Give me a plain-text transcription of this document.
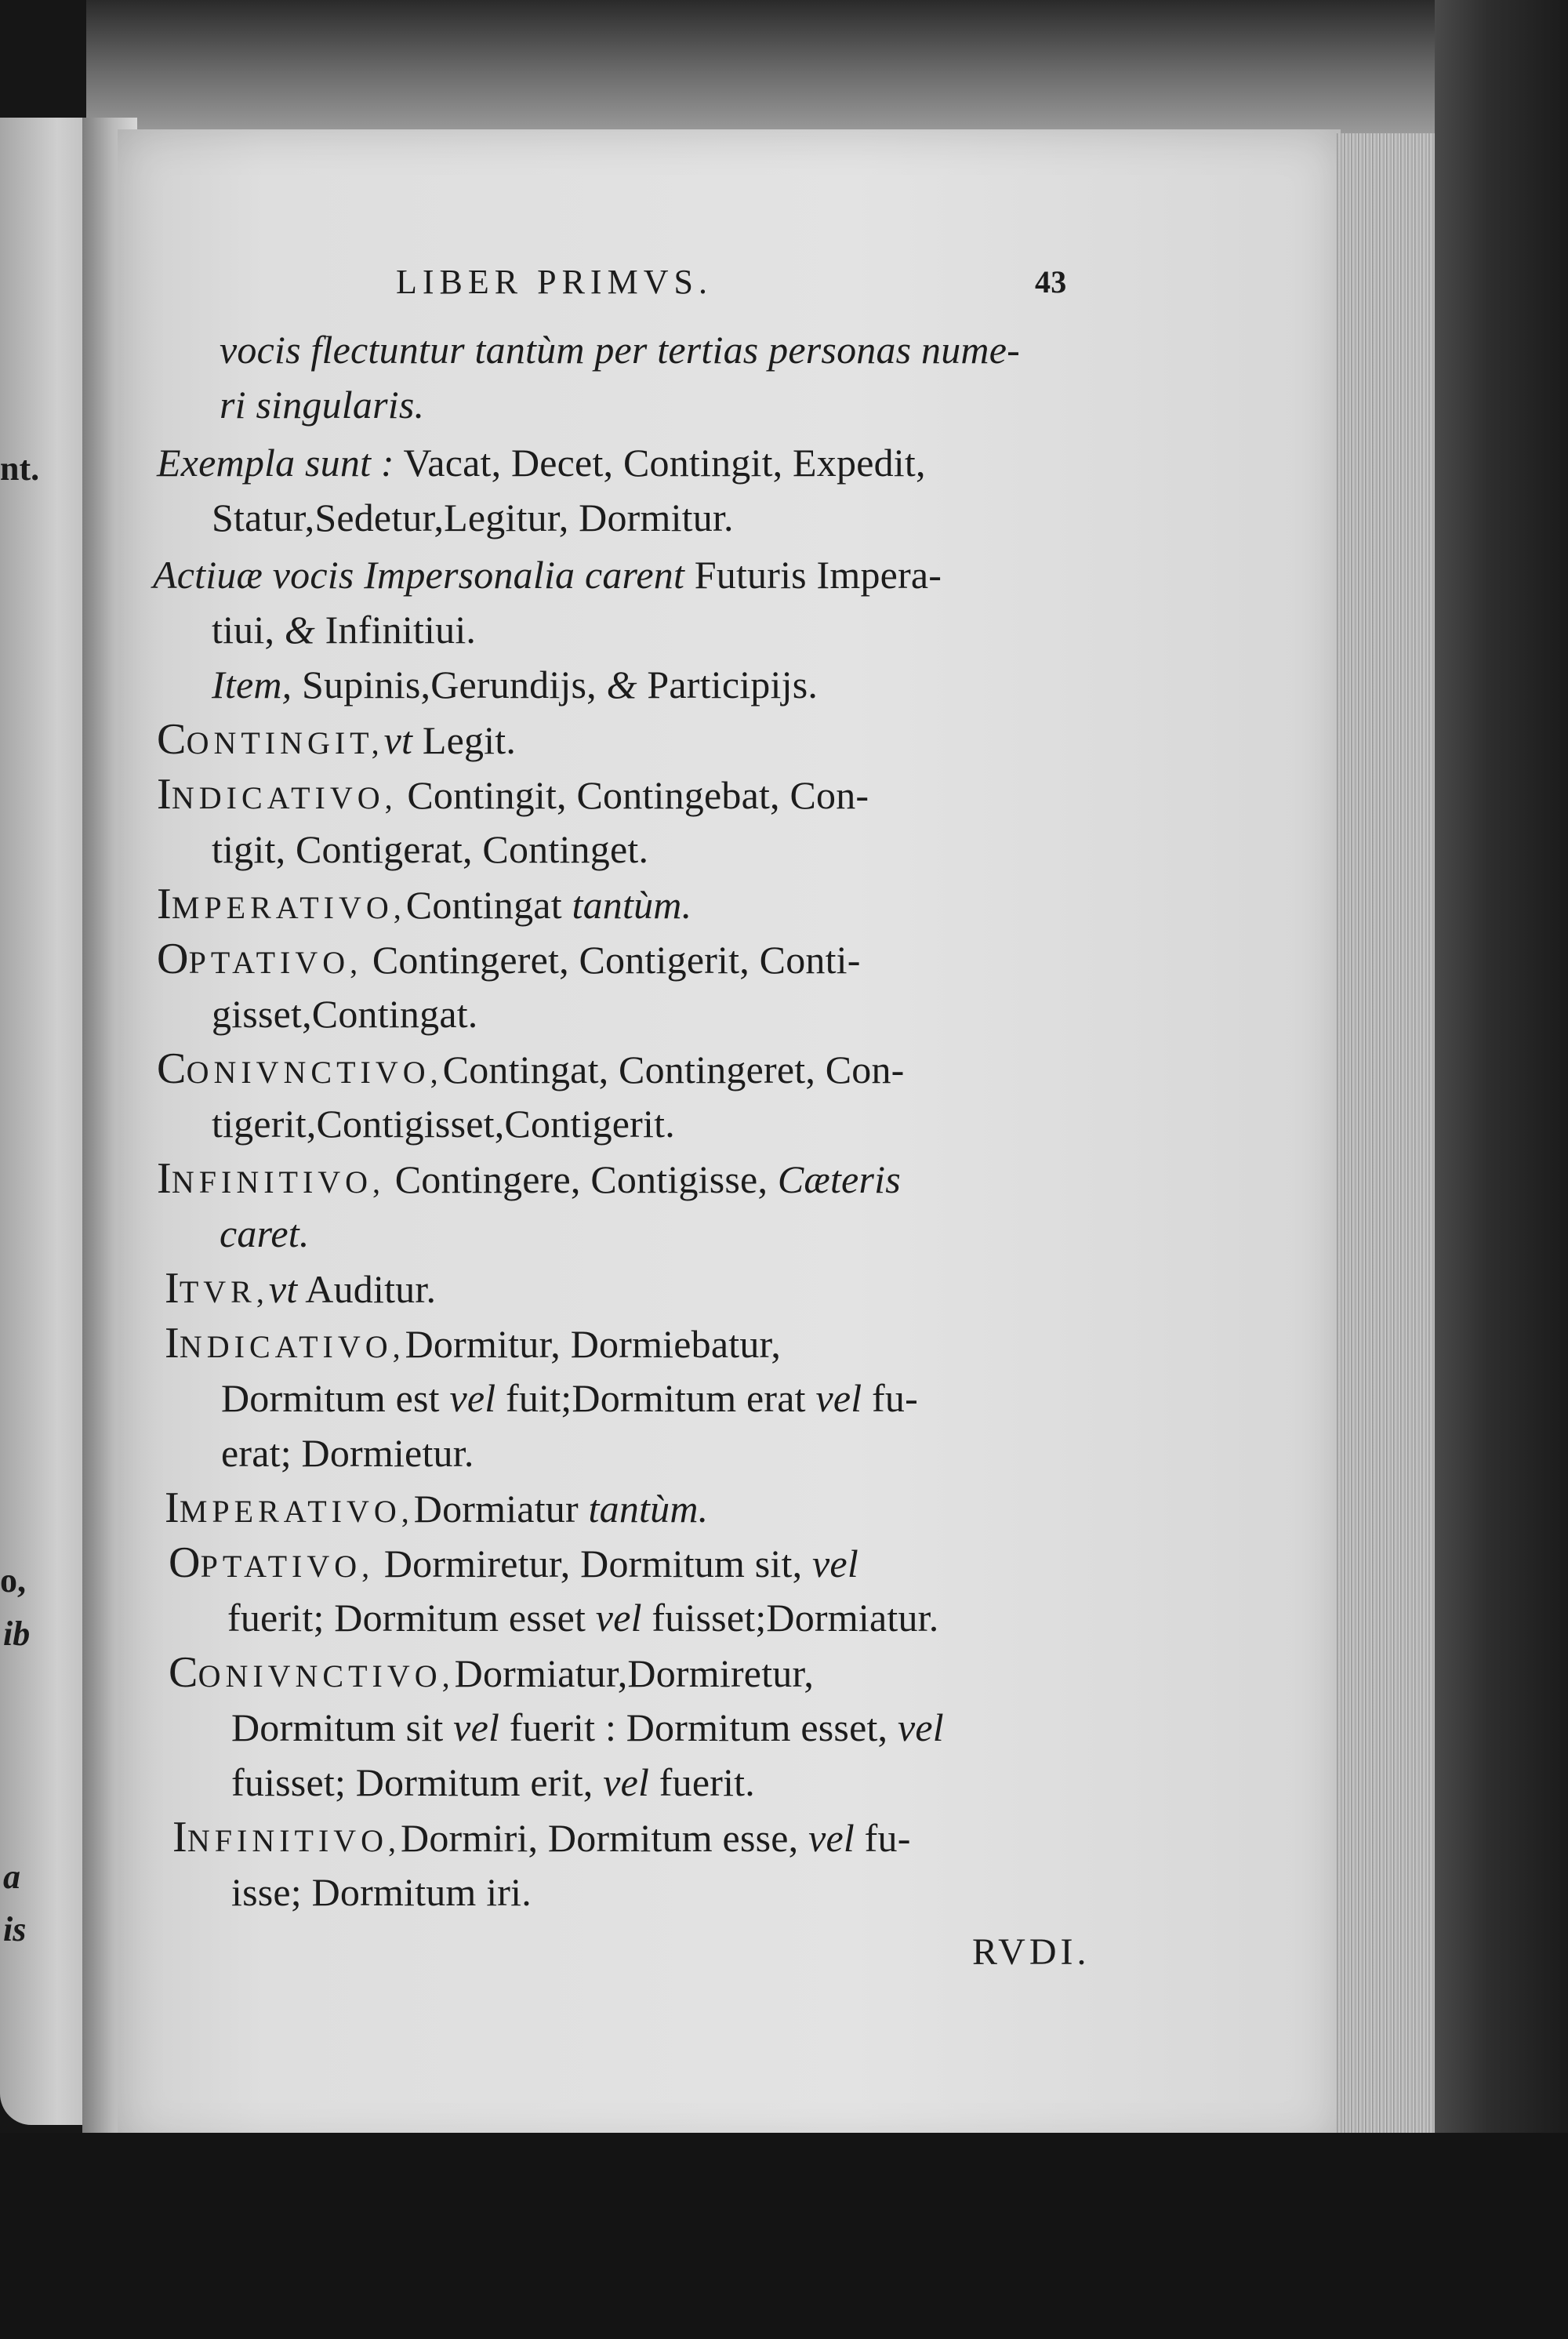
nt.
o,
ib
a
is
LIBER PRIMVS.	43
vocis flectuntur tantùm per tertias personas nume-
ri singularis.
Exempla sunt : Vacat, Decet, Contingit, Expedit,
Statur,Sedetur,Legitur, Dormitur.
Actiuæ vocis Impersonalia carent Futuris Impera-
tiui, & Infinitiui.
Item, Supinis,Gerundijs, & Participijs.
CONTINGIT,vt Legit.
INDICATIVO, Contingit, Contingebat, Con-
tigit, Contigerat, Continget.
IMPERATIVO,Contingat tantùm.
OPTATIVO, Contingeret, Contigerit, Conti-
gisset,Contingat.
CONIVNCTIVO,Contingat, Contingeret, Con-
tigerit,Contigisset,Contigerit.
INFINITIVO, Contingere, Contigisse, Cæteris
caret.
ITVR,vt Auditur.
INDICATIVO,Dormitur, Dormiebatur,
Dormitum est vel fuit;Dormitum erat vel fu-
erat; Dormietur.
IMPERATIVO,Dormiatur tantùm.
OPTATIVO, Dormiretur, Dormitum sit, vel
fuerit; Dormitum esset vel fuisset;Dormiatur.
CONIVNCTIVO,Dormiatur,Dormiretur,
Dormitum sit vel fuerit : Dormitum esset, vel
fuisset; Dormitum erit, vel fuerit.
INFINITIVO,Dormiri, Dormitum esse, vel fu-
isse; Dormitum iri.
RVDI.
